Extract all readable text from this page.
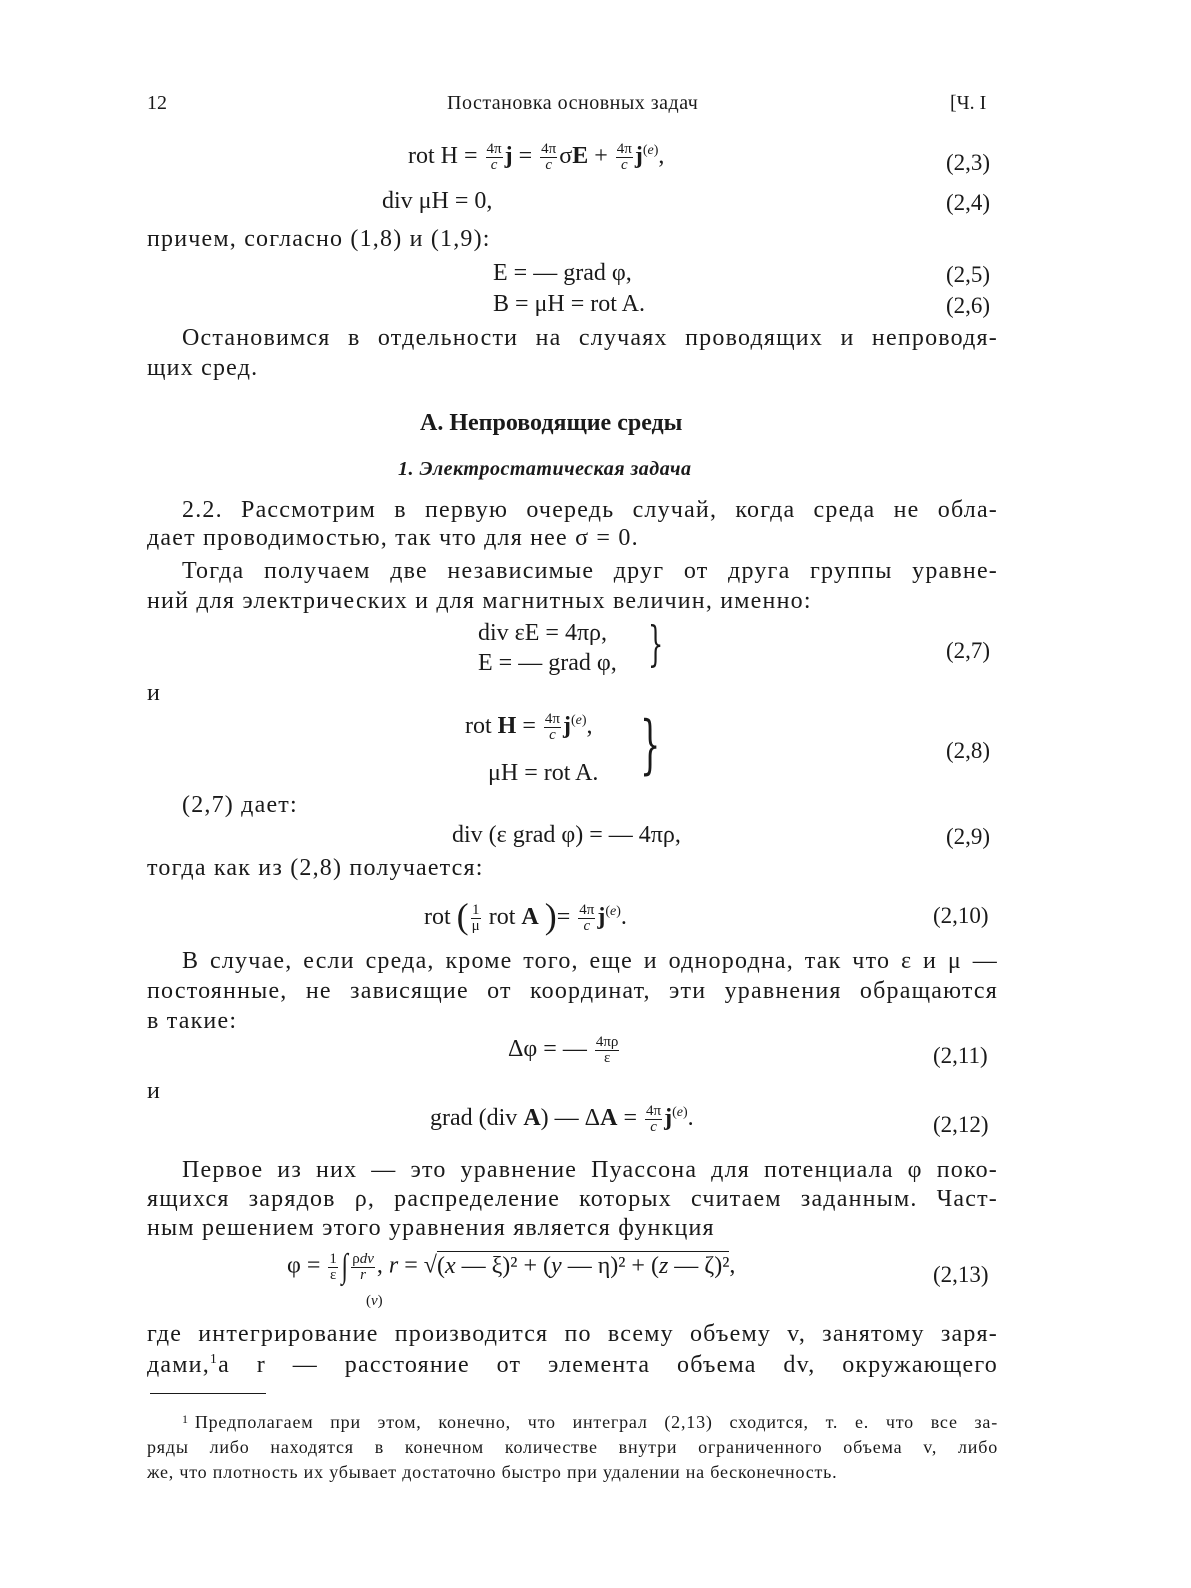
12	Постановка основных задач	[Ч. I
rot $H = \frac{4\pi}{c}$ $j = \frac{4\pi}{c}$ $\sigma E + \frac{4\pi}{c} j^{(e)}$,	(2,3)
div μH = 0,	(2,4)
причем, согласно (1,8) и (1,9):
E = — grad φ,	(2,5)
B = μH = rot A.	(2,6)
Остановимся в отдельности на случаях проводящих и непроводя-
щих сред.
А. Непроводящие среды
1. Электростатическая задача
2.2. Рассмотрим в первую очередь случай, когда среда не обла-
дает проводимостью, так что для нее σ = 0.
Тогда получаем две независимые друг от друга группы уравне-
ний для электрических и для магнитных величин, именно:
div εE = 4πρ,
E = — grad φ, }	(2,7)
и
rot $H = \frac{4\pi}{c} j^{(e)}$,
μH = rot A. }	(2,8)
(2,7) дает:
div (ε grad φ) = — 4πρ,	(2,9)
тогда как из (2,8) получается:
rot ( $\frac{1}{\mu}$ rot A )= $\frac{4\pi}{c} j^{(e)}$.	(2,10)
В случае, если среда, кроме того, еще и однородна, так что ε и μ —
постоянные, не зависящие от координат, эти уравнения обращаются
в такие:
Δφ = — $\frac{4\pi\rho}{\varepsilon}$	(2,11)
и
grad (div A) — $\Delta A = \frac{4\pi}{c} j^{(e)}$.	(2,12)
Первое из них — это уравнение Пуассона для потенциала φ поко-
ящихся зарядов ρ, распределение которых считаем заданным. Част-
ным решением этого уравнения является функция
$\varphi = \frac{1}{\varepsilon}$ ∫ $\frac{\text{ρdv}}{r}$ , r = √(x — ξ)² + (y — η)² + (z — ζ)²,
(v)
(2,13)
где интегрирование производится по всему объему v, занятому заря-
дами, 1 а r — расстояние от элемента объема dv, окружающего
1 Предполагаем при этом, конечно, что интеграл (2,13) сходится, т. е. что все за-
ряды либо находятся в конечном количестве внутри ограниченного объема v, либо
же, что плотность их убывает достаточно быстро при удалении на бесконечность.
